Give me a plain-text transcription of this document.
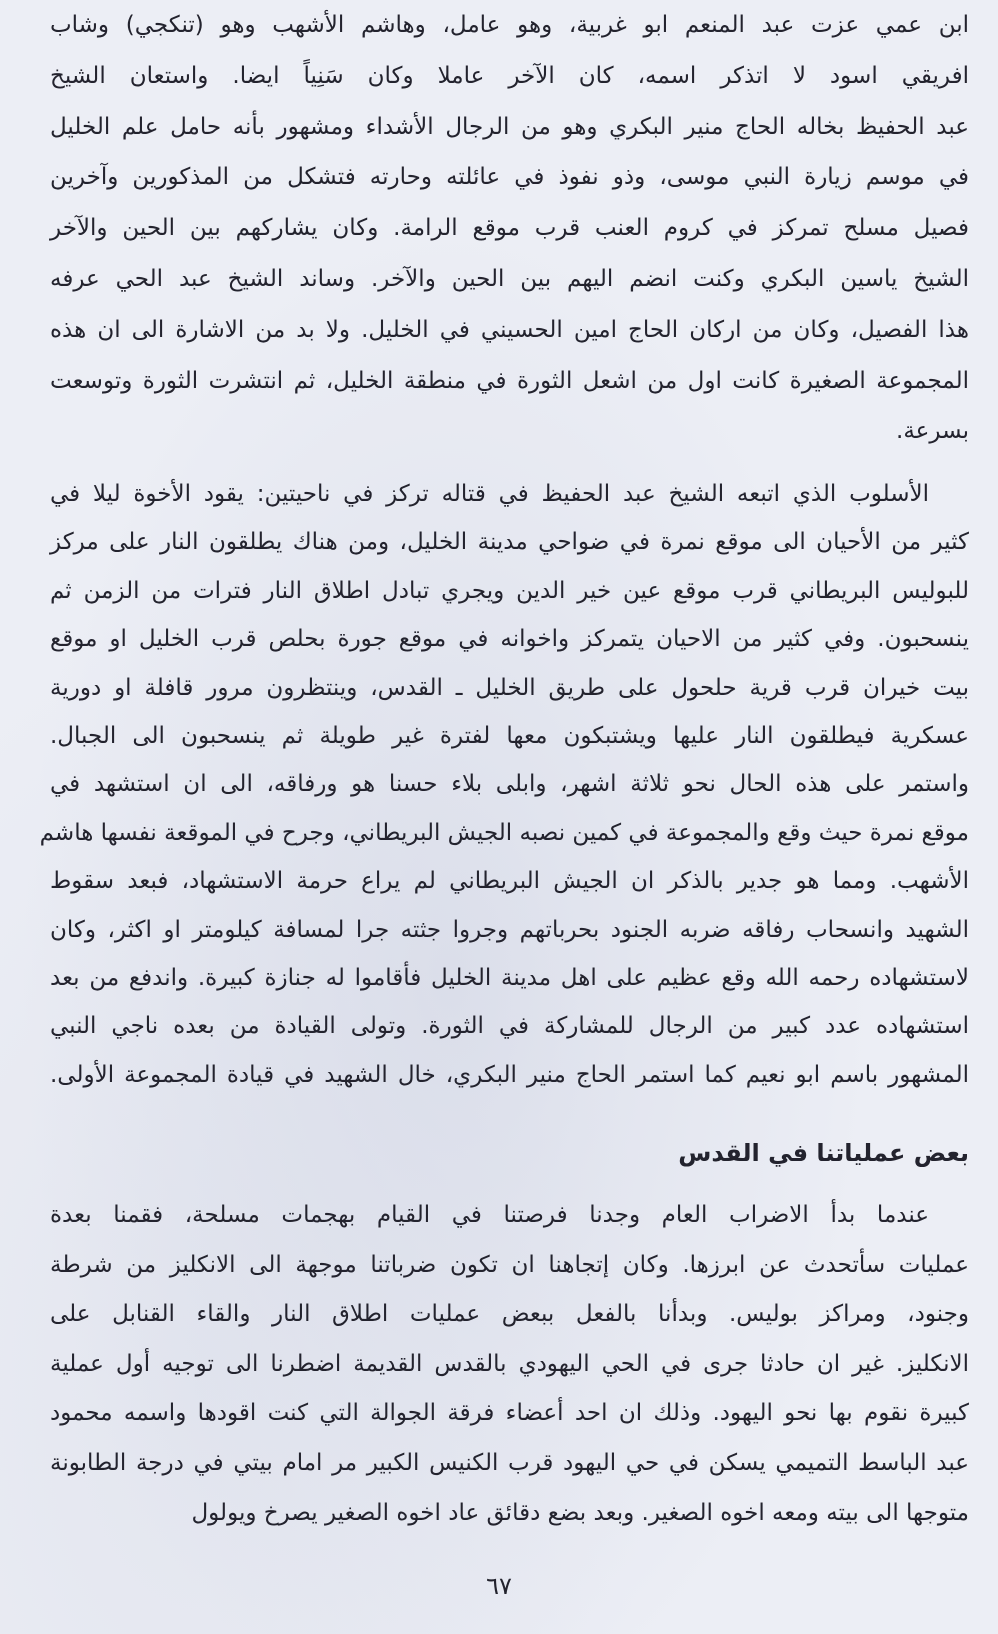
ابن عمي عزت عبد المنعم ابو غربية، وهو عامل، وهاشم الأشهب وهو (تنكجي) وشاب
افريقي اسود لا اتذكر اسمه، كان الآخر عاملا وكان سَنِياً ايضا. واستعان الشيخ
عبد الحفيظ بخاله الحاج منير البكري وهو من الرجال الأشداء ومشهور بأنه حامل علم الخليل
في موسم زيارة النبي موسى، وذو نفوذ في عائلته وحارته فتشكل من المذكورين وآخرين
فصيل مسلح تمركز في كروم العنب قرب موقع الرامة. وكان يشاركهم بين الحين والآخر
الشيخ ياسين البكري وكنت انضم اليهم بين الحين والآخر. وساند الشيخ عبد الحي عرفه
هذا الفصيل، وكان من اركان الحاج امين الحسيني في الخليل. ولا بد من الاشارة الى ان هذه
المجموعة الصغيرة كانت اول من اشعل الثورة في منطقة الخليل، ثم انتشرت الثورة وتوسعت
بسرعة.
الأسلوب الذي اتبعه الشيخ عبد الحفيظ في قتاله تركز في ناحيتين: يقود الأخوة ليلا في
كثير من الأحيان الى موقع نمرة في ضواحي مدينة الخليل، ومن هناك يطلقون النار على مركز
للبوليس البريطاني قرب موقع عين خير الدين ويجري تبادل اطلاق النار فترات من الزمن ثم
ينسحبون. وفي كثير من الاحيان يتمركز واخوانه في موقع جورة بحلص قرب الخليل او موقع
بيت خيران قرب قرية حلحول على طريق الخليل ـ القدس، وينتظرون مرور قافلة او دورية
عسكرية فيطلقون النار عليها ويشتبكون معها لفترة غير طويلة ثم ينسحبون الى الجبال.
واستمر على هذه الحال نحو ثلاثة اشهر، وابلى بلاء حسنا هو ورفاقه، الى ان استشهد في
موقع نمرة حيث وقع والمجموعة في كمين نصبه الجيش البريطاني، وجرح في الموقعة نفسها هاشم
الأشهب. ومما هو جدير بالذكر ان الجيش البريطاني لم يراع حرمة الاستشهاد، فبعد سقوط
الشهيد وانسحاب رفاقه ضربه الجنود بحرباتهم وجروا جثته جرا لمسافة كيلومتر او اكثر، وكان
لاستشهاده رحمه الله وقع عظيم على اهل مدينة الخليل فأقاموا له جنازة كبيرة. واندفع من بعد
استشهاده عدد كبير من الرجال للمشاركة في الثورة. وتولى القيادة من بعده ناجي النبي
المشهور باسم ابو نعيم كما استمر الحاج منير البكري، خال الشهيد في قيادة المجموعة الأولى.
بعض عملياتنا في القدس
عندما بدأ الاضراب العام وجدنا فرصتنا في القيام بهجمات مسلحة، فقمنا بعدة
عمليات سأتحدث عن ابرزها. وكان إتجاهنا ان تكون ضرباتنا موجهة الى الانكليز من شرطة
وجنود، ومراكز بوليس. وبدأنا بالفعل ببعض عمليات اطلاق النار والقاء القنابل على
الانكليز. غير ان حادثا جرى في الحي اليهودي بالقدس القديمة اضطرنا الى توجيه أول عملية
كبيرة نقوم بها نحو اليهود. وذلك ان احد أعضاء فرقة الجوالة التي كنت اقودها واسمه محمود
عبد الباسط التميمي يسكن في حي اليهود قرب الكنيس الكبير مر امام بيتي في درجة الطابونة
متوجها الى بيته ومعه اخوه الصغير. وبعد بضع دقائق عاد اخوه الصغير يصرخ ويولول
٦٧
